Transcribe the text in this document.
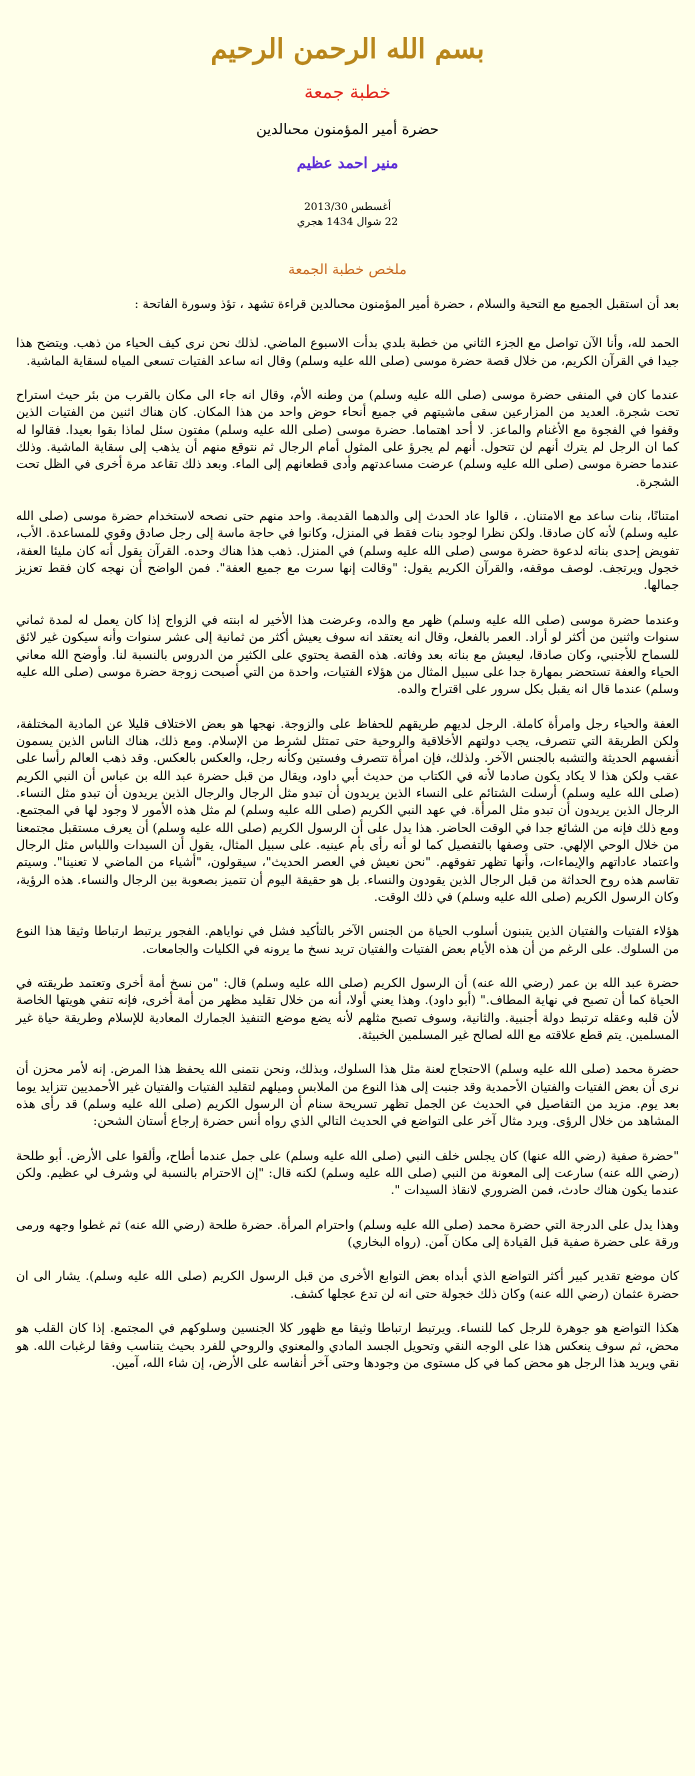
بسم الله الرحمن الرحيم
خطبة جمعة
حضرة أمير المؤمنون محىالدين
منير احمد عظيم
أغسطس 2013/30
22 شوال 1434 هجري
ملخص خطبة الجمعة

بعد أن استقبل الجميع مع التحية والسلام ، حضرة أمير المؤمنون محىالدين قراءة تشهد ، تؤذ وسورة الفاتحة :

الحمد لله، وأنا الآن تواصل مع الجزء الثاني من خطبة بلدي بدأت الاسبوع الماضي. لذلك نحن نرى كيف الحياء من ذهب. ويتضح هذا جيدا في القرآن الكريم، من خلال قصة حضرة موسى (صلى الله عليه وسلم) وقال انه ساعد الفتيات تسعى المياه لسقاية الماشية.

عندما كان في المنفى حضرة موسى (صلى الله عليه وسلم) من وطنه الأم، وقال انه جاء الى مكان بالقرب من بئر حيث استراح تحت شجرة. العديد من المزارعين سقى ماشيتهم في جميع أنحاء حوض واحد من هذا المكان. كان هناك اثنين من الفتيات الذين وقفوا في الفجوة مع الأغنام والماعز. لا أحد اهتماما. حضرة موسى (صلى الله عليه وسلم) مفتون سئل لماذا بقوا بعيدا. فقالوا له كما ان الرجل لم يترك أنهم لن تتحول. أنهم لم يجرؤ على المثول أمام الرجال ثم نتوقع منهم أن يذهب إلى سقاية الماشية. وذلك عندما حضرة موسى (صلى الله عليه وسلم) عرضت مساعدتهم وأدى قطعانهم إلى الماء. وبعد ذلك تقاعد مرة أخرى في الظل تحت الشجرة.

امتنانًا، بنات ساعد مع الامتنان. ، قالوا عاد الحدث إلى والدهما القديمة. واحد منهم حتى نصحه لاستخدام حضرة موسى (صلى الله عليه وسلم) لأنه كان صادقا. ولكن نظرا لوجود بنات فقط في المنزل، وكانوا في حاجة ماسة إلى رجل صادق وقوي للمساعدة. الأب، تفويض إحدى بناته لدعوة حضرة موسى (صلى الله عليه وسلم) في المنزل. ذهب هذا هناك وحده. القرآن يقول أنه كان مليئا العفة، خجول ويرتجف. لوصف موقفه، والقرآن الكريم يقول: "وقالت إنها سرت مع جميع العفة". فمن الواضح أن نهجه كان فقط تعزيز جمالها.

وعندما حضرة موسى (صلى الله عليه وسلم) ظهر مع والده، وعرضت هذا الأخير له ابنته في الزواج إذا كان يعمل له لمدة ثماني سنوات واثنين من أكثر لو أراد. العمر بالفعل، وقال انه يعتقد انه سوف يعيش أكثر من ثمانية إلى عشر سنوات وأنه سيكون غير لائق للسماح للأجنبي، وكان صادقا، ليعيش مع بناته بعد وفاته. هذه القصة يحتوي على الكثير من الدروس بالنسبة لنا. وأوضح الله معاني الحياء والعفة تستحضر بمهارة جدا على سبيل المثال من هؤلاء الفتيات، واحدة من التي أصبحت زوجة حضرة موسى (صلى الله عليه وسلم) عندما قال انه يقبل بكل سرور على اقتراح والده.

العفة والحياء رجل وامرأة كاملة. الرجل لديهم طريقهم للحفاظ على والزوجة. نهجها هو بعض الاختلاف قليلا عن المادية المختلفة، ولكن الطريقة التي تتصرف، يجب دولتهم الأخلاقية والروحية حتى تمتثل لشرط من الإسلام. ومع ذلك، هناك الناس الذين يسمون أنفسهم الحديثة والتشبه بالجنس الآخر. ولذلك، فإن امرأة تتصرف وفستين وكأنه رجل، والعكس بالعكس. وقد ذهب العالم رأسا على عقب ولكن هذا لا يكاد يكون صادما لأنه في الكتاب من حديث أبي داود، ويقال من قبل حضرة عبد الله بن عباس أن النبي الكريم (صلى الله عليه وسلم) أرسلت الشتائم على النساء الذين يريدون أن تبدو مثل الرجال والرجال الذين يريدون أن تبدو مثل النساء. الرجال الذين يريدون أن تبدو مثل المرأة. في عهد النبي الكريم (صلى الله عليه وسلم) لم مثل هذه الأمور لا وجود لها في المجتمع. ومع ذلك فإنه من الشائع جدا في الوقت الحاضر. هذا يدل على أن الرسول الكريم (صلى الله عليه وسلم) أن يعرف مستقبل مجتمعنا من خلال الوحي الإلهي. حتى وصفها بالتفصيل كما لو أنه رأى بأم عينيه. على سبيل المثال، يقول أن السيدات واللباس مثل الرجال واعتماد عاداتهم والإيماءات، وأنها تظهر تفوقهم. "نحن نعيش في العصر الحديث"، سيقولون، "أشياء من الماضي لا تعنينا". وسيتم تقاسم هذه روح الحداثة من قبل الرجال الذين يقودون والنساء. بل هو حقيقة اليوم أن تتميز بصعوبة بين الرجال والنساء. هذه الرؤية، وكان الرسول الكريم (صلى الله عليه وسلم) في ذلك الوقت.

هؤلاء الفتيات والفتيان الذين يتبنون أسلوب الحياة من الجنس الآخر بالتأكيد فشل في نواياهم. الفجور يرتبط ارتباطا وثيقا هذا النوع من السلوك. على الرغم من أن هذه الأيام بعض الفتيات والفتيان تريد نسخ ما يرونه في الكليات والجامعات.

حضرة عبد الله بن عمر (رضي الله عنه) أن الرسول الكريم (صلى الله عليه وسلم) قال: "من نسخ أمة أخرى وتعتمد طريقته في الحياة كما أن تصبح في نهاية المطاف." (أبو داود). وهذا يعني أولا، أنه من خلال تقليد مظهر من أمة أخرى، فإنه تنفي هويتها الخاصة لأن قلبه وعقله ترتبط دولة أجنبية. والثانية، وسوف تصبح مثلهم لأنه يضع موضع التنفيذ الجمارك المعادية للإسلام وطريقة حياة غير المسلمين. يتم قطع علاقته مع الله لصالح غير المسلمين الخبيثة.

حضرة محمد (صلى الله عليه وسلم) الاحتجاج لعنة مثل هذا السلوك، وبذلك، ونحن نتمنى الله يحفظ هذا المرض. إنه لأمر محزن أن نرى أن بعض الفتيات والفتيان الأحمدية وقد جنبت إلى هذا النوع من الملابس وميلهم لتقليد الفتيات والفتيان غير الأحمديين تتزايد يوما بعد يوم. مزيد من التفاصيل في الحديث عن الجمل تظهر تسريحة سنام أن الرسول الكريم (صلى الله عليه وسلم) قد رأى هذه المشاهد من خلال الرؤى. ويرد مثال آخر على التواضع في الحديث التالي الذي رواه أنس حضرة إرجاع أستان الشحن:

"حضرة صفية (رضي الله عنها) كان يجلس خلف النبي (صلى الله عليه وسلم) على جمل عندما أطاح، وألقوا على الأرض. أبو طلحة (رضي الله عنه) سارعت إلى المعونة من النبي (صلى الله عليه وسلم) لكنه قال: "إن الاحترام بالنسبة لي وشرف لي عظيم. ولكن عندما يكون هناك حادث، فمن الضروري لانقاذ السيدات ".

وهذا يدل على الدرجة التي حضرة محمد (صلى الله عليه وسلم) واحترام المرأة. حضرة طلحة (رضي الله عنه) ثم غطوا وجهه ورمى ورقة على حضرة صفية قبل القيادة إلى مكان آمن. (رواه البخاري)

كان موضع تقدير كبير أكثر التواضع الذي أبداه بعض التوابع الأخرى من قبل الرسول الكريم (صلى الله عليه وسلم). يشار الى ان حضرة عثمان (رضي الله عنه) وكان ذلك خجولة حتى انه لن تدع عجلها كشف.

هكذا التواضع هو جوهرة للرجل كما للنساء. ويرتبط ارتباطا وثيقا مع ظهور كلا الجنسين وسلوكهم في المجتمع. إذا كان القلب هو محض، ثم سوف ينعكس هذا على الوجه النقي وتحويل الجسد المادي والمعنوي والروحي للفرد بحيث يتناسب وفقا لرغبات الله. هو نقي ويريد هذا الرجل هو محض كما في كل مستوى من وجودها وحتى آخر أنفاسه على الأرض، إن شاء الله، آمين.
